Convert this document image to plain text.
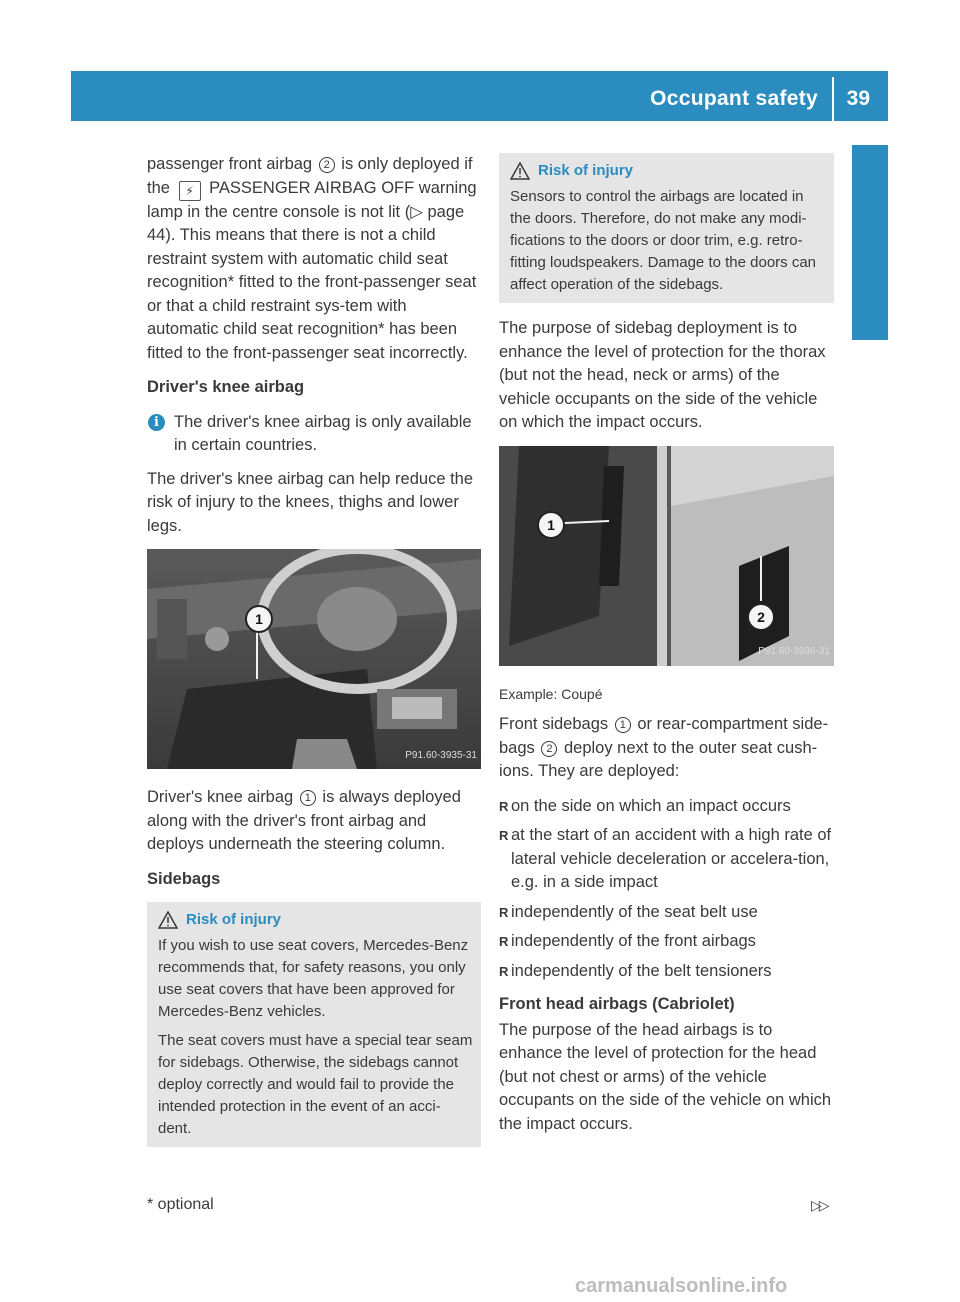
Occupant safety 39
Safety

passenger front airbag 2 is only deployed if the ⚡ PASSENGER AIRBAG OFF warning lamp in the centre console is not lit (▷ page 44). This means that there is not a child restraint system with automatic child seat recognition* fitted to the front-passenger seat or that a child restraint sys-tem with automatic child seat recognition* has been fitted to the front-passenger seat incorrectly.

Driver's knee airbag
i The driver's knee airbag is only available in certain countries.

The driver's knee airbag can help reduce the risk of injury to the knees, thighs and lower legs.

1
P91.60-3935-31

Driver's knee airbag 1 is always deployed along with the driver's front airbag and deploys underneath the steering column.

Sidebags
Risk of injury

If you wish to use seat covers, Mercedes-Benz recommends that, for safety reasons, you only use seat covers that have been approved for Mercedes-Benz vehicles.

The seat covers must have a special tear seam for sidebags. Otherwise, the sidebags cannot deploy correctly and would fail to provide the intended protection in the event of an acci-dent.

Risk of injury

Sensors to control the airbags are located in the doors. Therefore, do not make any modi-fications to the doors or door trim, e.g. retro-fitting loudspeakers. Damage to the doors can affect operation of the sidebags.

The purpose of sidebag deployment is to enhance the level of protection for the thorax (but not the head, neck or arms) of the vehicle occupants on the side of the vehicle on which the impact occurs.

1
2
P91.60-3936-31
Example: Coupé

Front sidebags 1 or rear-compartment side-bags 2 deploy next to the outer seat cush-ions. They are deployed:

R on the side on which an impact occurs
R at the start of an accident with a high rate of lateral vehicle deceleration or accelera-tion, e.g. in a side impact
R independently of the seat belt use
R independently of the front airbags
R independently of the belt tensioners
Front head airbags (Cabriolet)

The purpose of the head airbags is to enhance the level of protection for the head (but not chest or arms) of the vehicle occupants on the side of the vehicle on which the impact occurs.

* optional	▷▷
carmanualsonline.info
